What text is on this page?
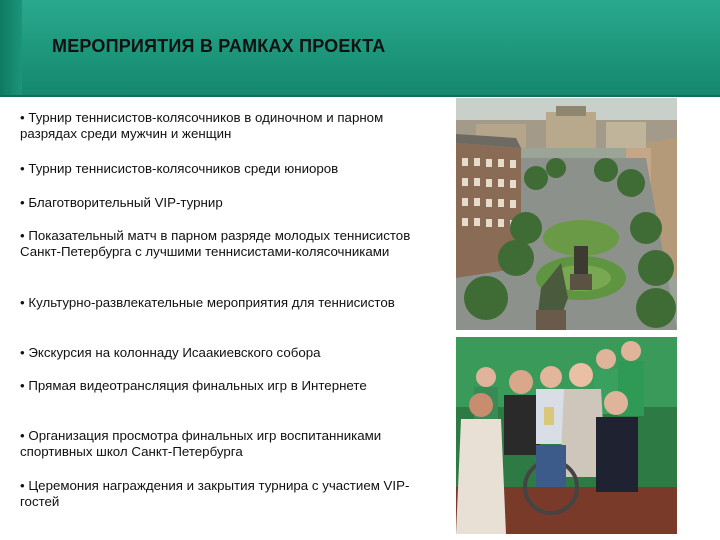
МЕРОПРИЯТИЯ В РАМКАХ ПРОЕКТА
• Турнир теннисистов-колясочников в одиночном и парном разрядах среди мужчин и женщин
• Турнир теннисистов-колясочников среди юниоров
• Благотворительный VIP-турнир
• Показательный матч в парном разряде молодых теннисистов Санкт-Петербурга с лучшими теннисистами-колясочниками
• Культурно-развлекательные мероприятия для теннисистов
• Экскурсия на колоннаду Исаакиевского собора
• Прямая видеотрансляция финальных игр в Интернете
• Организация просмотра финальных игр воспитанниками спортивных школ Санкт-Петербурга
• Церемония награждения и закрытия турнира с участием VIP-гостей
